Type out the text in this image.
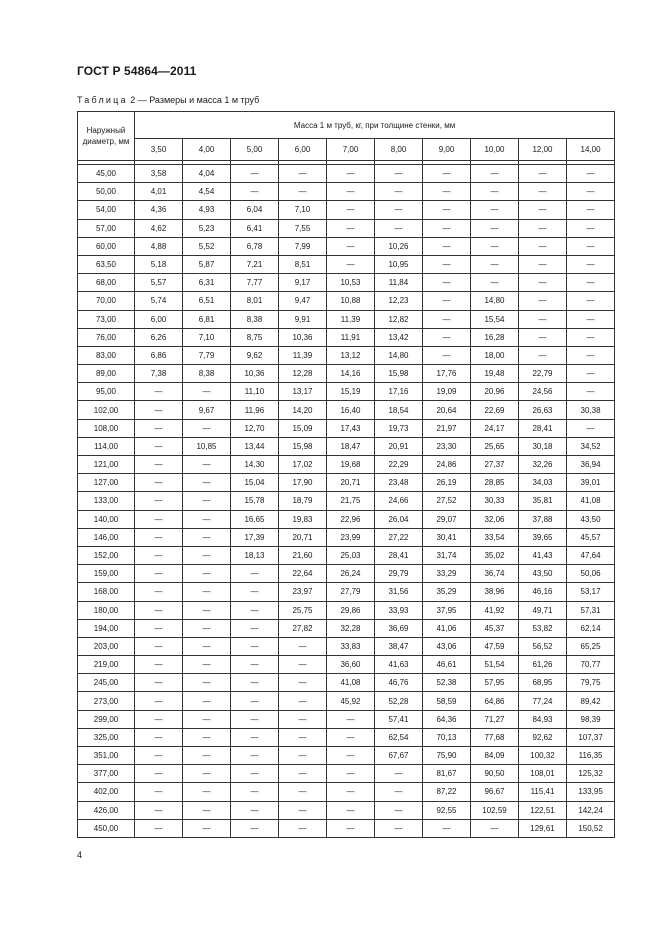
ГОСТ Р 54864—2011
Таблица 2 — Размеры и масса 1 м труб
Наружный диаметр, мм	Масса 1 м труб, кг, при толщине стенки, мм									
	3,50	4,00	5,00	6,00	7,00	8,00	9,00	10,00	12,00	14,00

45,00	3,58	4,04	—	—	—	—	—	—	—	—
50,00	4,01	4,54	—	—	—	—	—	—	—	—
54,00	4,36	4,93	6,04	7,10	—	—	—	—	—	—
57,00	4,62	5,23	6,41	7,55	—	—	—	—	—	—
60,00	4,88	5,52	6,78	7,99	—	10,26	—	—	—	—
63,50	5,18	5,87	7,21	8,51	—	10,95	—	—	—	—
68,00	5,57	6,31	7,77	9,17	10,53	11,84	—	—	—	—
70,00	5,74	6,51	8,01	9,47	10,88	12,23	—	14,80	—	—
73,00	6,00	6,81	8,38	9,91	11,39	12,82	—	15,54	—	—
76,00	6,26	7,10	8,75	10,36	11,91	13,42	—	16,28	—	—
83,00	6,86	7,79	9,62	11,39	13,12	14,80	—	18,00	—	—
89,00	7,38	8,38	10,36	12,28	14,16	15,98	17,76	19,48	22,79	—
95,00	—	—	11,10	13,17	15,19	17,16	19,09	20,96	24,56	—
102,00	—	9,67	11,96	14,20	16,40	18,54	20,64	22,69	26,63	30,38
108,00	—	—	12,70	15,09	17,43	19,73	21,97	24,17	28,41	—
114,00	—	10,85	13,44	15,98	18,47	20,91	23,30	25,65	30,18	34,52
121,00	—	—	14,30	17,02	19,68	22,29	24,86	27,37	32,26	36,94
127,00	—	—	15,04	17,90	20,71	23,48	26,19	28,85	34,03	39,01
133,00	—	—	15,78	18,79	21,75	24,66	27,52	30,33	35,81	41,08
140,00	—	—	16,65	19,83	22,96	26,04	29,07	32,06	37,88	43,50
146,00	—	—	17,39	20,71	23,99	27,22	30,41	33,54	39,65	45,57
152,00	—	—	18,13	21,60	25,03	28,41	31,74	35,02	41,43	47,64
159,00	—	—	—	22,64	26,24	29,79	33,29	36,74	43,50	50,06
168,00	—	—	—	23,97	27,79	31,56	35,29	38,96	46,16	53,17
180,00	—	—	—	25,75	29,86	33,93	37,95	41,92	49,71	57,31
194,00	—	—	—	27,82	32,28	36,69	41,06	45,37	53,82	62,14
203,00	—	—	—	—	33,83	38,47	43,06	47,59	56,52	65,25
219,00	—	—	—	—	36,60	41,63	46,61	51,54	61,26	70,77
245,00	—	—	—	—	41,08	46,76	52,38	57,95	68,95	79,75
273,00	—	—	—	—	45,92	52,28	58,59	64,86	77,24	89,42
299,00	—	—	—	—	—	57,41	64,36	71,27	84,93	98,39
325,00	—	—	—	—	—	62,54	70,13	77,68	92,62	107,37
351,00	—	—	—	—	—	67,67	75,90	84,09	100,32	116,35
377,00	—	—	—	—	—	—	81,67	90,50	108,01	125,32
402,00	—	—	—	—	—	—	87,22	96,67	115,41	133,95
426,00	—	—	—	—	—	—	92,55	102,59	122,51	142,24
450,00	—	—	—	—	—	—	—	—	129,61	150,52
4
